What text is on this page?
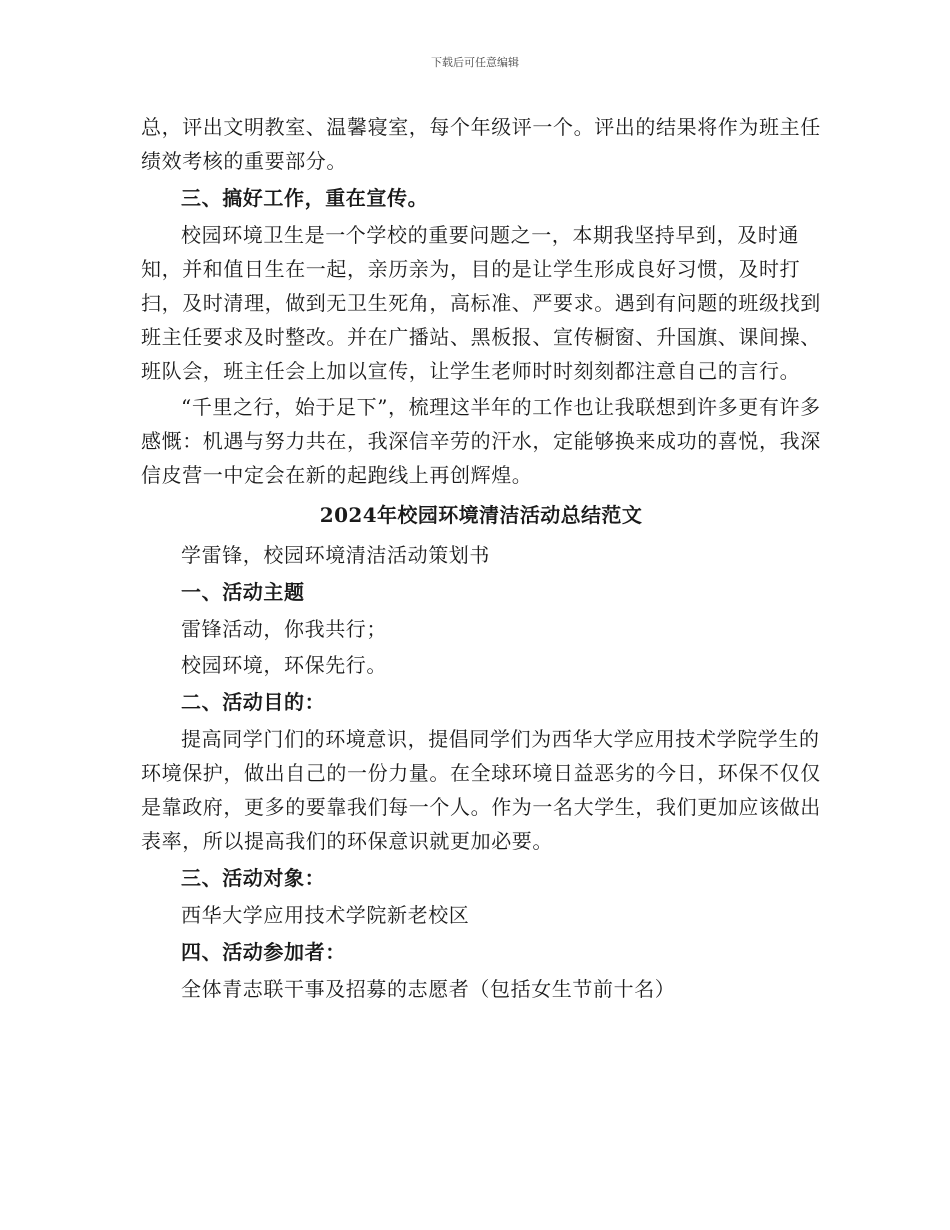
下载后可任意编辑

总，评出文明教室、温馨寝室，每个年级评一个。评出的结果将作为班主任绩效考核的重要部分。

三、搞好工作，重在宣传。

校园环境卫生是一个学校的重要问题之一，本期我坚持早到，及时通知，并和值日生在一起，亲历亲为，目的是让学生形成良好习惯，及时打扫，及时清理，做到无卫生死角，高标准、严要求。遇到有问题的班级找到班主任要求及时整改。并在广播站、黑板报、宣传橱窗、升国旗、课间操、班队会，班主任会上加以宣传，让学生老师时时刻刻都注意自己的言行。

“千里之行，始于足下”，梳理这半年的工作也让我联想到许多更有许多感慨：机遇与努力共在，我深信辛劳的汗水，定能够换来成功的喜悦，我深信皮营一中定会在新的起跑线上再创辉煌。

2024年校园环境清洁活动总结范文

学雷锋，校园环境清洁活动策划书

一、活动主题

雷锋活动，你我共行；

校园环境，环保先行。

二、活动目的：

提高同学门们的环境意识，提倡同学们为西华大学应用技术学院学生的环境保护，做出自己的一份力量。在全球环境日益恶劣的今日，环保不仅仅是靠政府，更多的要靠我们每一个人。作为一名大学生，我们更加应该做出表率，所以提高我们的环保意识就更加必要。

三、活动对象：

西华大学应用技术学院新老校区

四、活动参加者：

全体青志联干事及招募的志愿者（包括女生节前十名）
